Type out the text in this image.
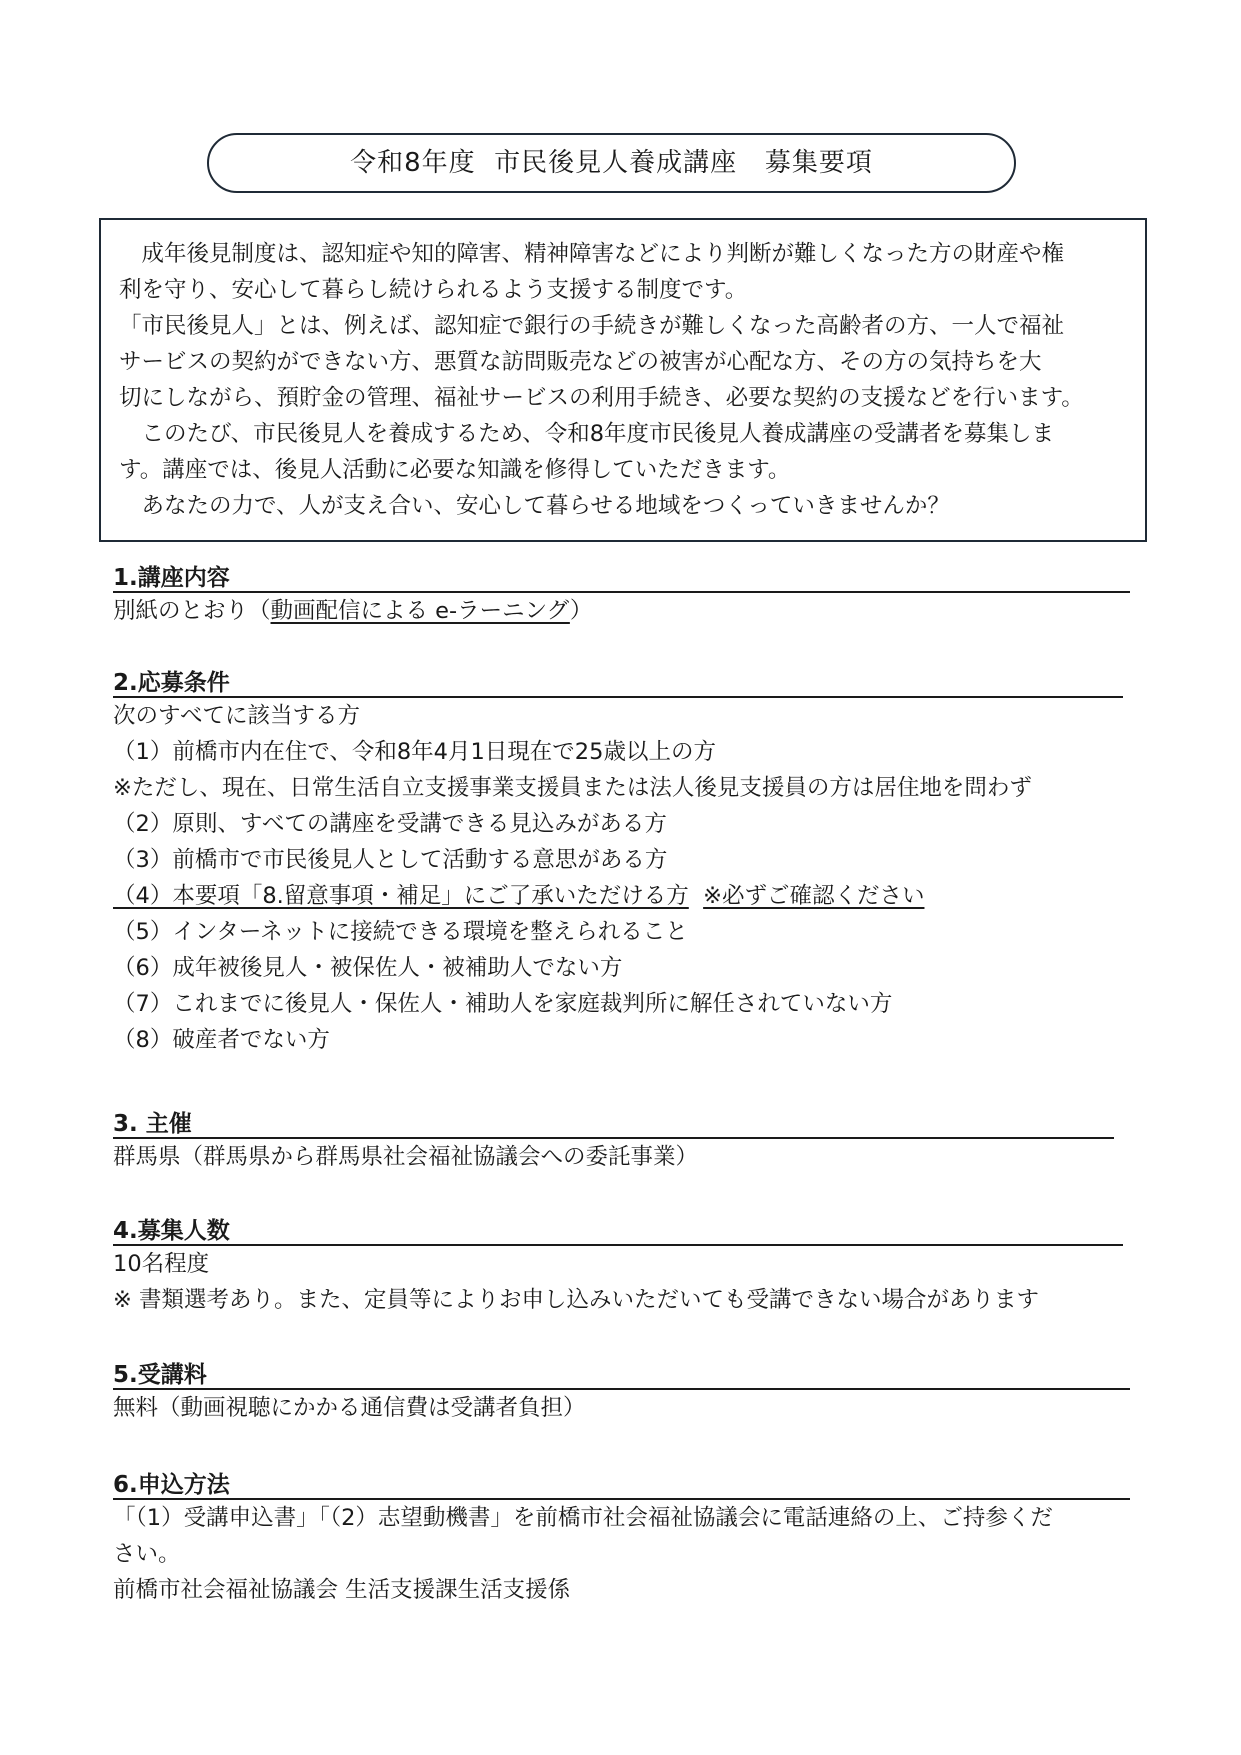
令和8年度  市民後見人養成講座   募集要項
　成年後見制度は、認知症や知的障害、精神障害などにより判断が難しくなった方の財産や権
利を守り、安心して暮らし続けられるよう支援する制度です。
「市民後見人」とは、例えば、認知症で銀行の手続きが難しくなった高齢者の方、一人で福祉
サービスの契約ができない方、悪質な訪問販売などの被害が心配な方、その方の気持ちを大
切にしながら、預貯金の管理、福祉サービスの利用手続き、必要な契約の支援などを行います。
　このたび、市民後見人を養成するため、令和8年度市民後見人養成講座の受講者を募集しま
す。講座では、後見人活動に必要な知識を修得していただきます。
　あなたの力で、人が支え合い、安心して暮らせる地域をつくっていきませんか？
1.講座内容
別紙のとおり（動画配信による e-ラーニング）
2.応募条件
次のすべてに該当する方
（1）前橋市内在住で、令和8年4月1日現在で25歳以上の方
※ただし、現在、日常生活自立支援事業支援員または法人後見支援員の方は居住地を問わず
（2）原則、すべての講座を受講できる見込みがある方
（3）前橋市で市民後見人として活動する意思がある方
（4）本要項「8.留意事項・補足」にご了承いただける方 ※必ずご確認ください
（5）インターネットに接続できる環境を整えられること
（6）成年被後見人・被保佐人・被補助人でない方
（7）これまでに後見人・保佐人・補助人を家庭裁判所に解任されていない方
（8）破産者でない方
3. 主催
群馬県（群馬県から群馬県社会福祉協議会への委託事業）
4.募集人数
10名程度
※ 書類選考あり。また、定員等によりお申し込みいただいても受講できない場合があります
5.受講料
無料（動画視聴にかかる通信費は受講者負担）
6.申込方法
「（1）受講申込書」「（2）志望動機書」を前橋市社会福祉協議会に電話連絡の上、ご持参くだ
さい。
前橋市社会福祉協議会 生活支援課生活支援係
